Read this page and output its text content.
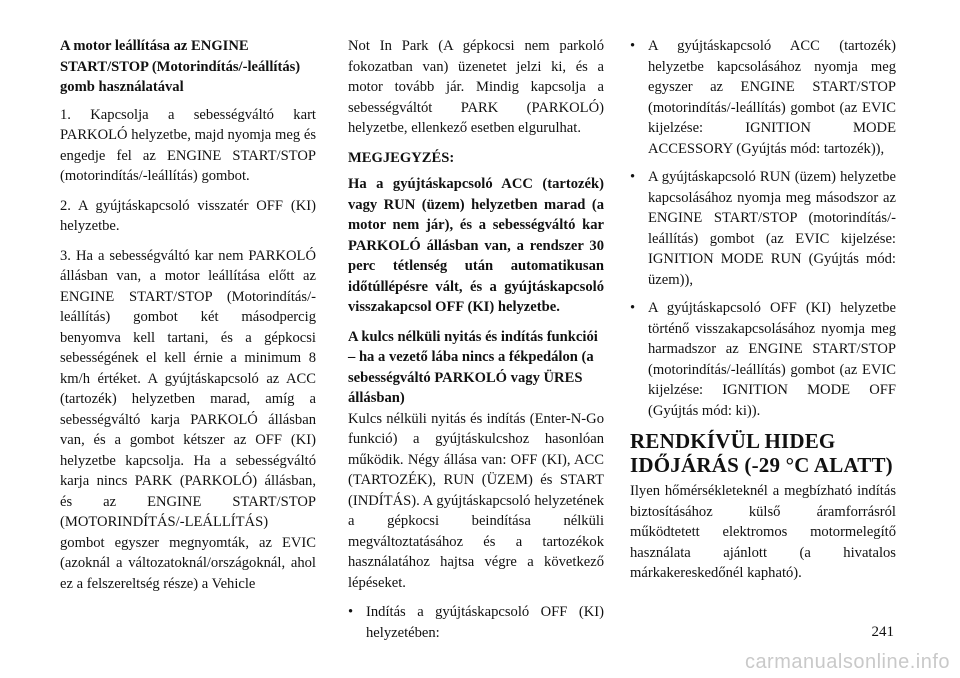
A motor leállítása az ENGINE START/STOP (Motorindítás/-leállítás) gomb használatával

1. Kapcsolja a sebességváltó kart PARKOLÓ helyzetbe, majd nyomja meg és engedje fel az ENGINE START/STOP (motorindítás/-leállítás) gombot.

2. A gyújtáskapcsoló visszatér OFF (KI) helyzetbe.

3. Ha a sebességváltó kar nem PARKOLÓ állásban van, a motor leállítása előtt az ENGINE START/STOP (Motorindítás/-leállítás) gombot két másodpercig benyomva kell tartani, és a gépkocsi sebességének el kell érnie a minimum 8 km/h értéket. A gyújtáskapcsoló az ACC (tartozék) helyzetben marad, amíg a sebességváltó karja PARKOLÓ állásban van, és a gombot kétszer az OFF (KI) helyzetbe kapcsolja. Ha a sebességváltó karja nincs PARK (PARKOLÓ) állásban, és az ENGINE START/STOP (MOTORINDÍTÁS/-LEÁLLÍTÁS) gombot egyszer megnyomták, az EVIC (azoknál a változatoknál/országoknál, ahol ez a felszereltség része) a Vehicle

Not In Park (A gépkocsi nem parkoló fokozatban van) üzenetet jelzi ki, és a motor tovább jár. Mindig kapcsolja a sebességváltót PARK (PARKOLÓ) helyzetbe, ellenkező esetben elgurulhat.

MEGJEGYZÉS:

Ha a gyújtáskapcsoló ACC (tartozék) vagy RUN (üzem) helyzetben marad (a motor nem jár), és a sebességváltó kar PARKOLÓ állásban van, a rendszer 30 perc tétlenség után automatikusan időtúllépésre vált, és a gyújtáskapcsoló visszakapcsol OFF (KI) helyzetbe.

A kulcs nélküli nyitás és indítás funkciói – ha a vezető lába nincs a fékpedálon (a sebességváltó PARKOLÓ vagy ÜRES állásban)

Kulcs nélküli nyitás és indítás (Enter-N-Go funkció) a gyújtáskulcshoz hasonlóan működik. Négy állása van: OFF (KI), ACC (TARTOZÉK), RUN (ÜZEM) és START (INDÍTÁS). A gyújtáskapcsoló helyzetének a gépkocsi beindítása nélküli megváltoztatásához és a tartozékok használatához hajtsa végre a következő lépéseket.

• Indítás a gyújtáskapcsoló OFF (KI) helyzetében:
• A gyújtáskapcsoló ACC (tartozék) helyzetbe kapcsolásához nyomja meg egyszer az ENGINE START/STOP (motorindítás/-leállítás) gombot (az EVIC kijelzése: IGNITION MODE ACCESSORY (Gyújtás mód: tartozék)),
• A gyújtáskapcsoló RUN (üzem) helyzetbe kapcsolásához nyomja meg másodszor az ENGINE START/STOP (motorindítás/-leállítás) gombot (az EVIC kijelzése: IGNITION MODE RUN (Gyújtás mód: üzem)),
• A gyújtáskapcsoló OFF (KI) helyzetbe történő visszakapcsolásához nyomja meg harmadszor az ENGINE START/STOP (motorindítás/-leállítás) gombot (az EVIC kijelzése: IGNITION MODE OFF (Gyújtás mód: ki)).
RENDKÍVÜL HIDEG IDŐJÁRÁS (-29 °C ALATT)

Ilyen hőmérsékleteknél a megbízható indítás biztosításához külső áramforrásról működtetett elektromos motormelegítő használata ajánlott (a hivatalos márkakereskedőnél kapható).

241
carmanualsonline.info
